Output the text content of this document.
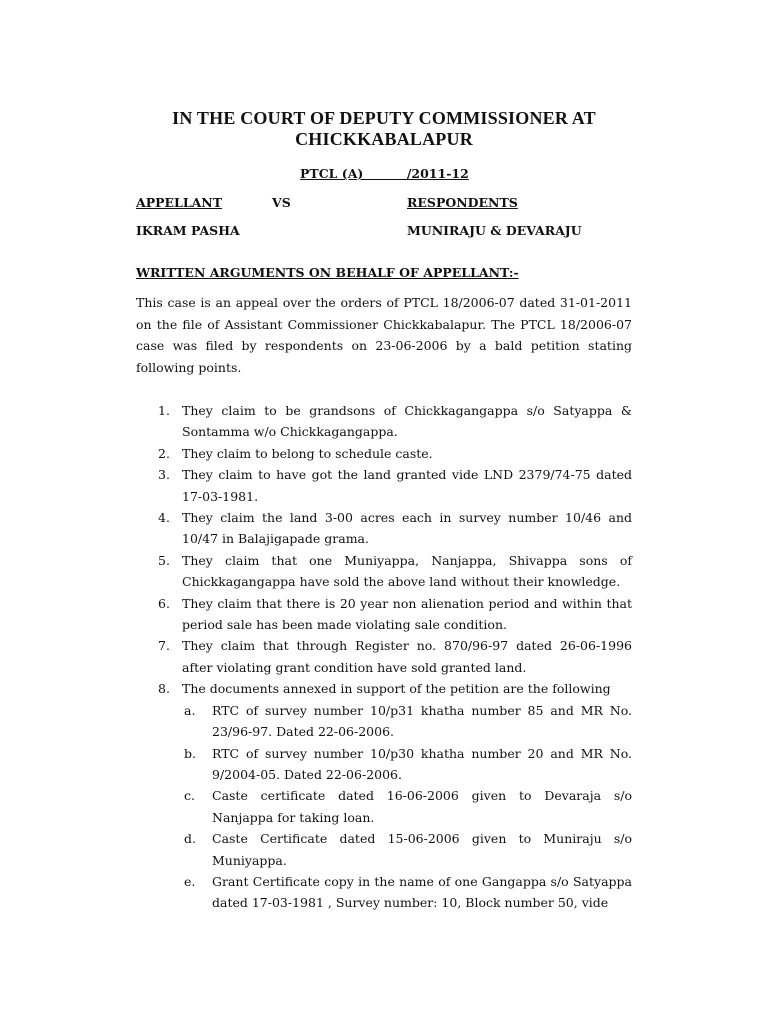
IN THE COURT OF DEPUTY COMMISSIONER AT
CHICKKABALAPUR
PTCL (A)          /2011-12
APPELLANT	VS	RESPONDENTS
IKRAM PASHA	MUNIRAJU & DEVARAJU
WRITTEN ARGUMENTS ON BEHALF OF APPELLANT:-
This case is an appeal over the orders of PTCL 18/2006-07 dated 31-01-2011
on the file of Assistant Commissioner Chickkabalapur. The PTCL 18/2006-07
case was filed by respondents on 23-06-2006 by a bald petition stating
following points.
1. They claim to be grandsons of Chickkagangappa s/o Satyappa & Sontamma w/o Chickkagangappa.
2. They claim to belong to schedule caste.
3. They claim to have got the land granted vide LND 2379/74-75 dated 17-03-1981.
4. They claim the land 3-00 acres each in survey number 10/46 and 10/47 in Balajigapade grama.
5. They claim that one Muniyappa, Nanjappa, Shivappa sons of Chickkagangappa have sold the above land without their knowledge.
6. They claim that there is 20 year non alienation period and within that period sale has been made violating sale condition.
7. They claim that through Register no. 870/96-97 dated 26-06-1996 after violating grant condition have sold granted land.
8. The documents annexed in support of the petition are the following
a. RTC of survey number 10/p31 khatha number 85 and MR No. 23/96-97. Dated 22-06-2006.
b. RTC of survey number 10/p30 khatha number 20 and MR No. 9/2004-05. Dated 22-06-2006.
c. Caste certificate dated 16-06-2006 given to Devaraja s/o Nanjappa for taking loan.
d. Caste Certificate dated 15-06-2006 given to Muniraju s/o Muniyappa.
e. Grant Certificate copy in the name of one Gangappa s/o Satyappa dated 17-03-1981 , Survey number: 10, Block number 50, vide
